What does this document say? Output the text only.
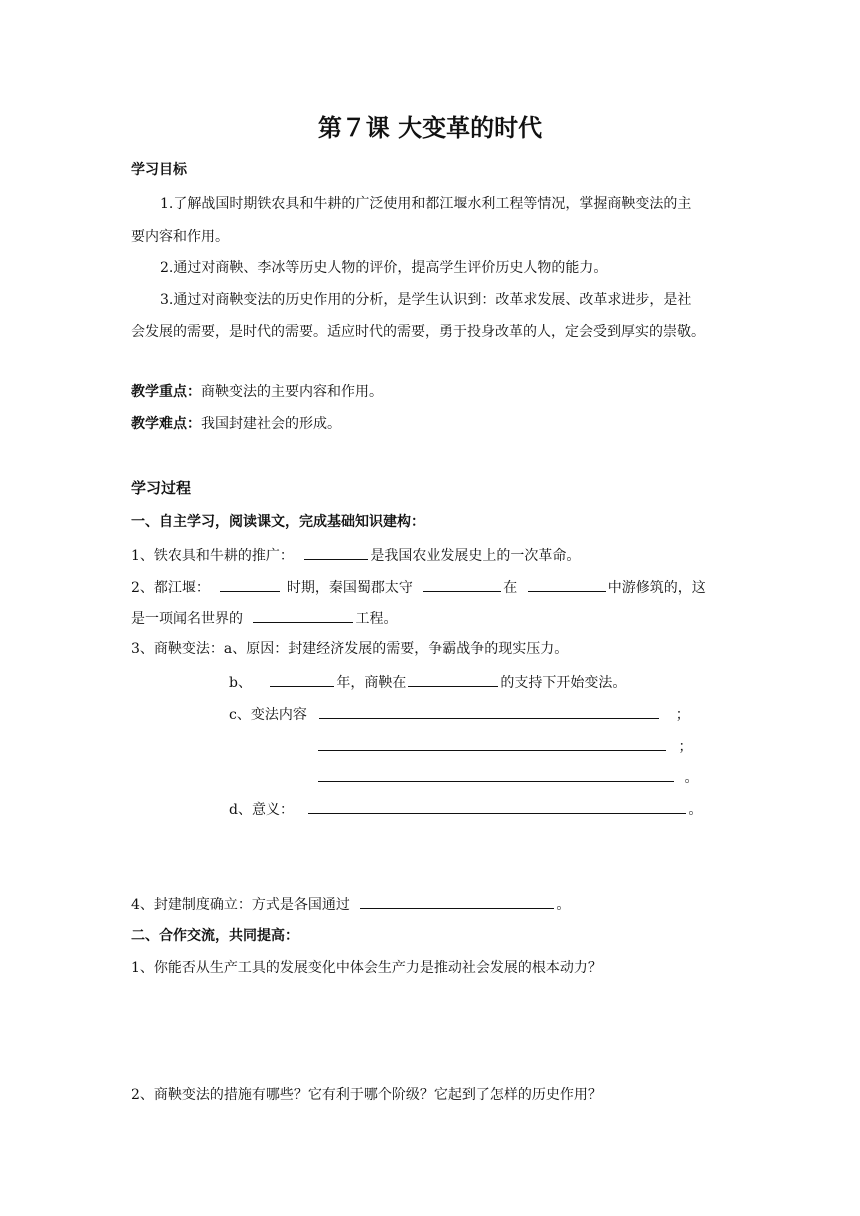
第７课 大变革的时代
学习目标
1.了解战国时期铁农具和牛耕的广泛使用和都江堰水利工程等情况，掌握商鞅变法的主
要内容和作用。
2.通过对商鞅、李冰等历史人物的评价，提高学生评价历史人物的能力。
3.通过对商鞅变法的历史作用的分析，是学生认识到：改革求发展、改革求进步，是社
会发展的需要，是时代的需要。适应时代的需要，勇于投身改革的人，定会受到厚实的崇敬。
教学重点：商鞅变法的主要内容和作用。
教学难点：我国封建社会的形成。
学习过程
一、自主学习，阅读课文，完成基础知识建构：
1、铁农具和牛耕的推广：	是我国农业发展史上的一次革命。
2、都江堰：	时期，秦国蜀郡太守	在	中游修筑的，这
是一项闻名世界的	工程。
3、商鞅变法：a、原因：封建经济发展的需要，争霸战争的现实压力。
b、	年，商鞅在	的支持下开始变法。
c、变法内容	；
；
。
d、意义：	。
4、封建制度确立：方式是各国通过	。
二、合作交流，共同提高：
1、你能否从生产工具的发展变化中体会生产力是推动社会发展的根本动力？
2、商鞅变法的措施有哪些？它有利于哪个阶级？它起到了怎样的历史作用？
